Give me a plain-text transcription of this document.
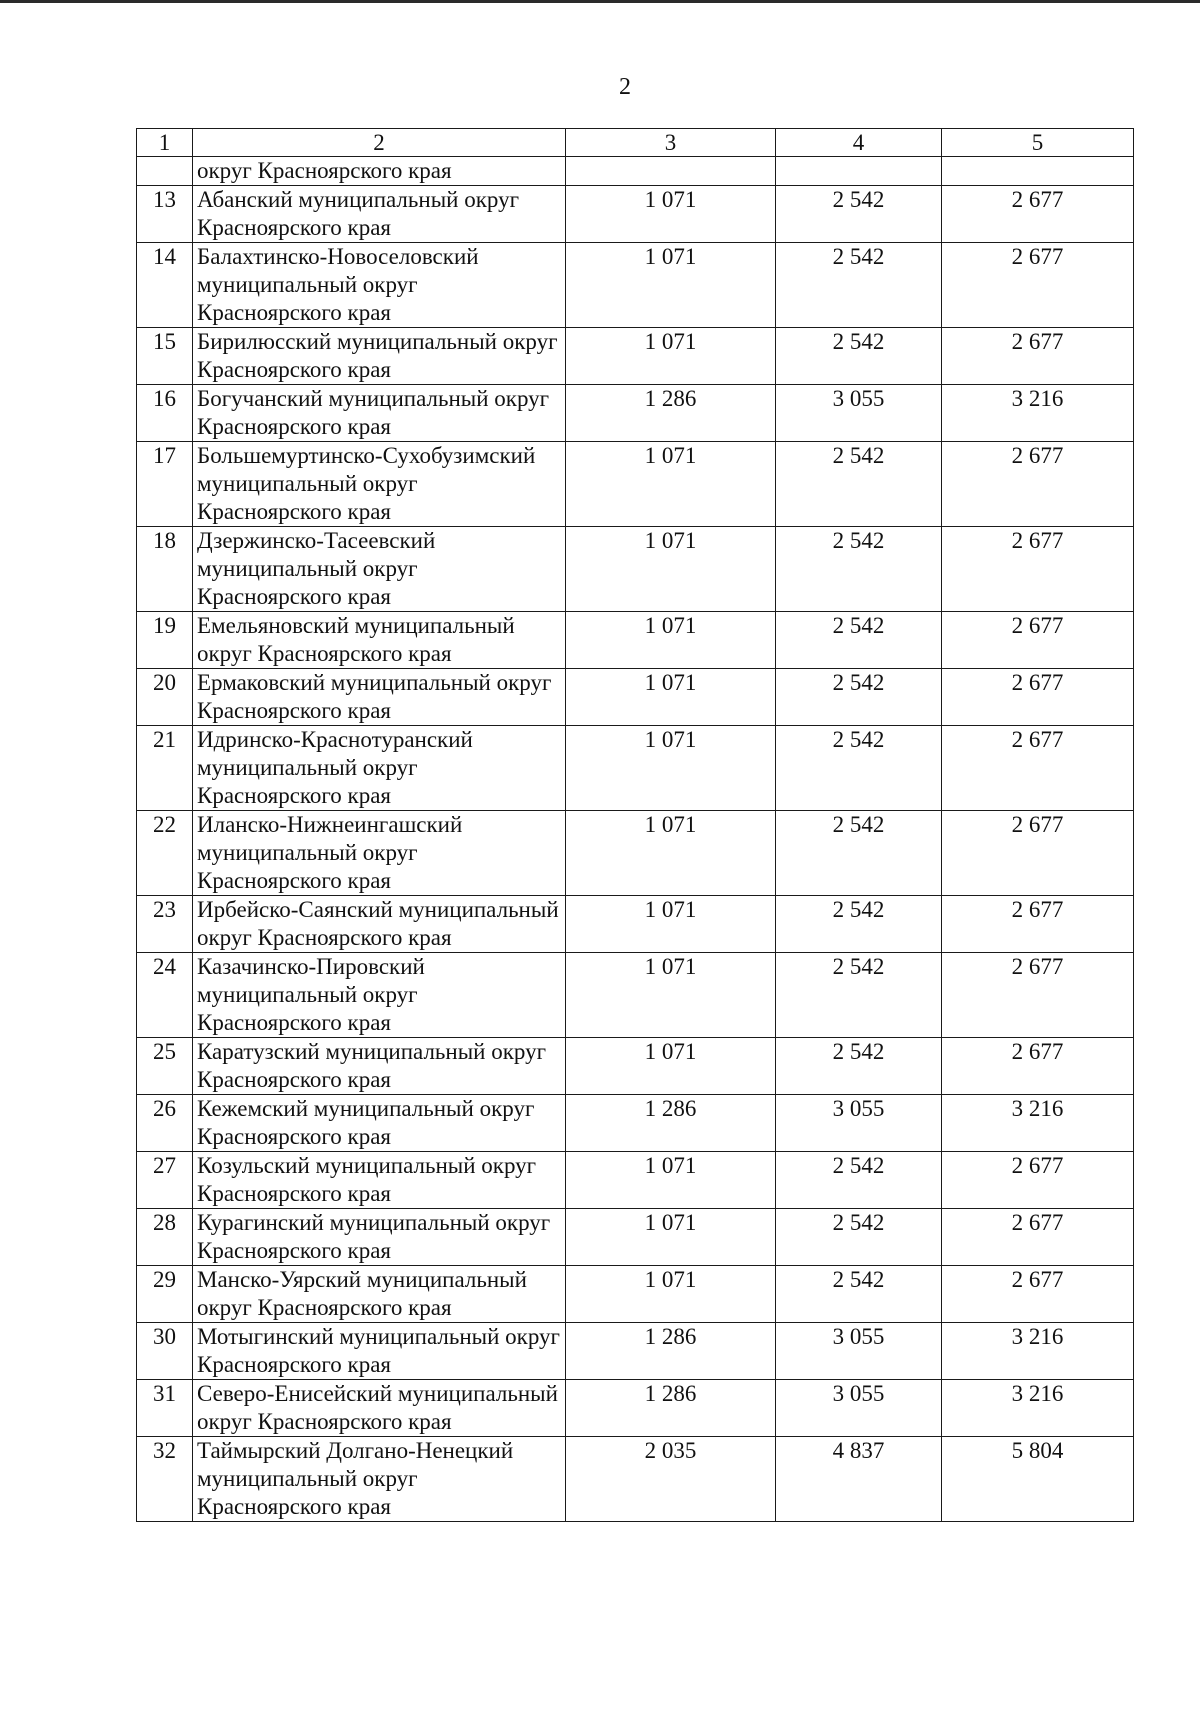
2
1	2	3	4	5
	округ Красноярского края			
13	Абанский муниципальный округ Красноярского края	1 071	2 542	2 677
14	Балахтинско-Новоселовский муниципальный округ Красноярского края	1 071	2 542	2 677
15	Бирилюсский муниципальный округ Красноярского края	1 071	2 542	2 677
16	Богучанский муниципальный округ Красноярского края	1 286	3 055	3 216
17	Большемуртинско-Сухобузимский муниципальный округ Красноярского края	1 071	2 542	2 677
18	Дзержинско-Тасеевский муниципальный округ Красноярского края	1 071	2 542	2 677
19	Емельяновский муниципальный округ Красноярского края	1 071	2 542	2 677
20	Ермаковский муниципальный округ Красноярского края	1 071	2 542	2 677
21	Идринско-Краснотуранский муниципальный округ Красноярского края	1 071	2 542	2 677
22	Иланско-Нижнеингашский муниципальный округ Красноярского края	1 071	2 542	2 677
23	Ирбейско-Саянский муниципальный округ Красноярского края	1 071	2 542	2 677
24	Казачинско-Пировский муниципальный округ Красноярского края	1 071	2 542	2 677
25	Каратузский муниципальный округ Красноярского края	1 071	2 542	2 677
26	Кежемский муниципальный округ Красноярского края	1 286	3 055	3 216
27	Козульский муниципальный округ Красноярского края	1 071	2 542	2 677
28	Курагинский муниципальный округ Красноярского края	1 071	2 542	2 677
29	Манско-Уярский муниципальный округ Красноярского края	1 071	2 542	2 677
30	Мотыгинский муниципальный округ Красноярского края	1 286	3 055	3 216
31	Северо-Енисейский муниципальный округ Красноярского края	1 286	3 055	3 216
32	Таймырский Долгано-Ненецкий муниципальный округ Красноярского края	2 035	4 837	5 804
